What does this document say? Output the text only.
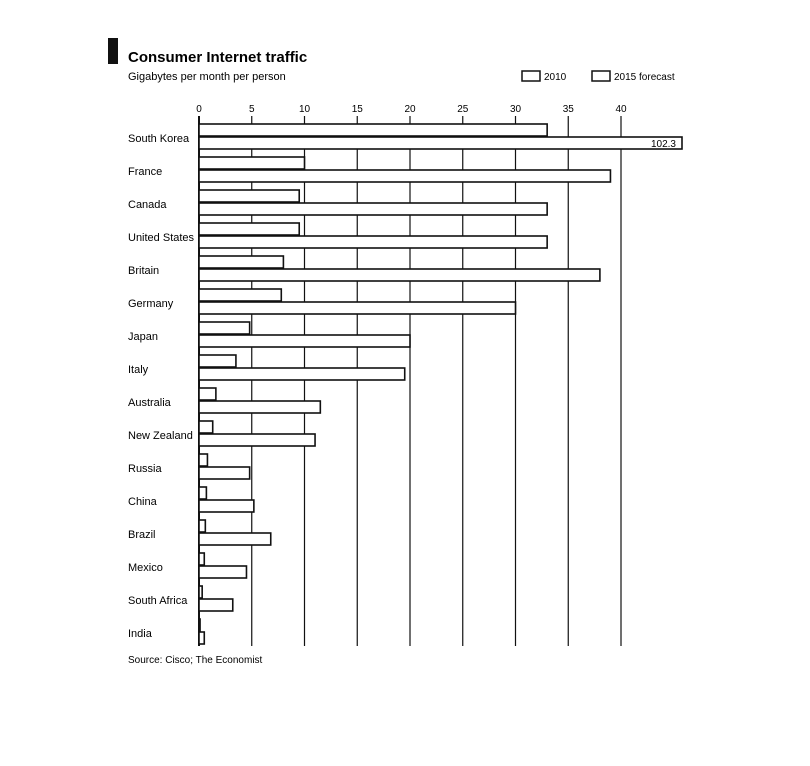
Consumer Internet traffic
Gigabytes per month per person	2010	2015 forecast
0	5	10	15	20	25	30	35	40
102.3
South Korea
France
Canada
United States
Britain
Germany
Japan
Italy
Australia
New Zealand
Russia
China
Brazil
Mexico
South Africa
India
Source: Cisco; The Economist
